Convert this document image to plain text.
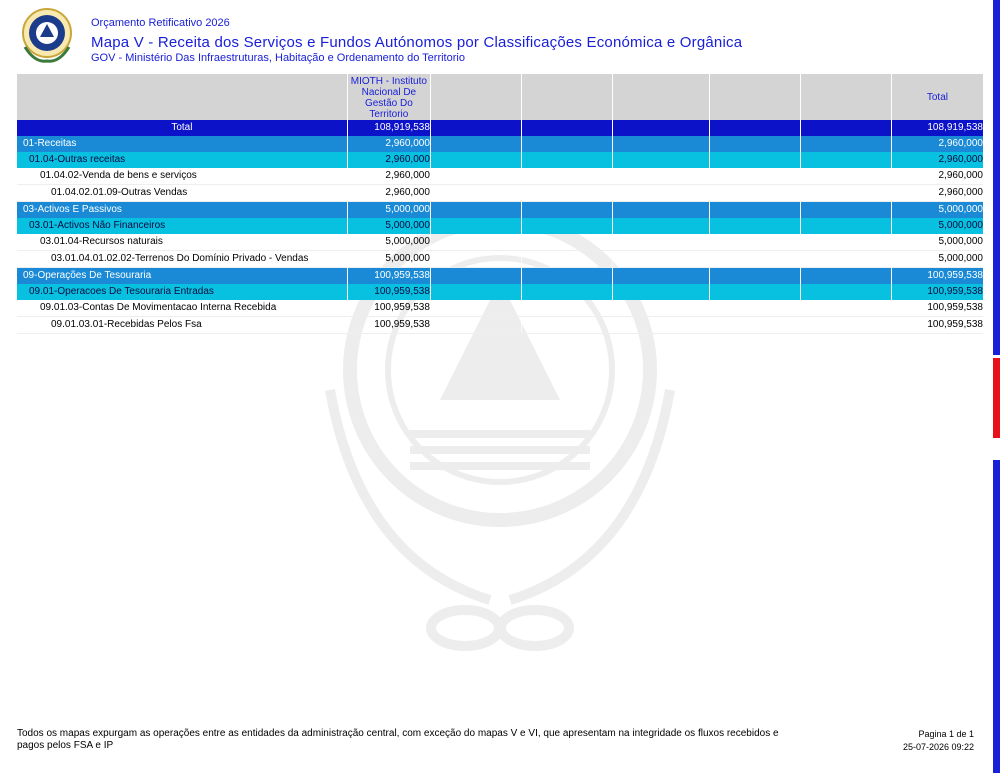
Orçamento Retificativo 2026
Mapa V - Receita dos Serviços e Fundos Autónomos por Classificações Económica e Orgânica
GOV - Ministério Das Infraestruturas, Habitação e Ordenamento do Territorio
	MIOTH - Instituto Nacional De Gestão Do Territorio						Total
Total	108,919,538						108,919,538
01-Receitas	2,960,000						2,960,000
01.04-Outras receitas	2,960,000						2,960,000
01.04.02-Venda de bens e serviços	2,960,000						2,960,000
01.04.02.01.09-Outras Vendas	2,960,000						2,960,000
03-Activos E Passivos	5,000,000						5,000,000
03.01-Activos Não Financeiros	5,000,000						5,000,000
03.01.04-Recursos naturais	5,000,000						5,000,000
03.01.04.01.02.02-Terrenos Do Domínio Privado - Vendas	5,000,000						5,000,000
09-Operações De Tesouraria	100,959,538						100,959,538
09.01-Operacoes De Tesouraria Entradas	100,959,538						100,959,538
09.01.03-Contas De Movimentacao Interna Recebida	100,959,538						100,959,538
09.01.03.01-Recebidas Pelos Fsa	100,959,538						100,959,538
Todos os mapas expurgam as operações entre as entidades da administração central, com exceção do mapas V e VI, que apresentam na integridade os fluxos recebidos e pagos pelos FSA e IP
Pagina 1 de 1
25-07-2026 09:22
